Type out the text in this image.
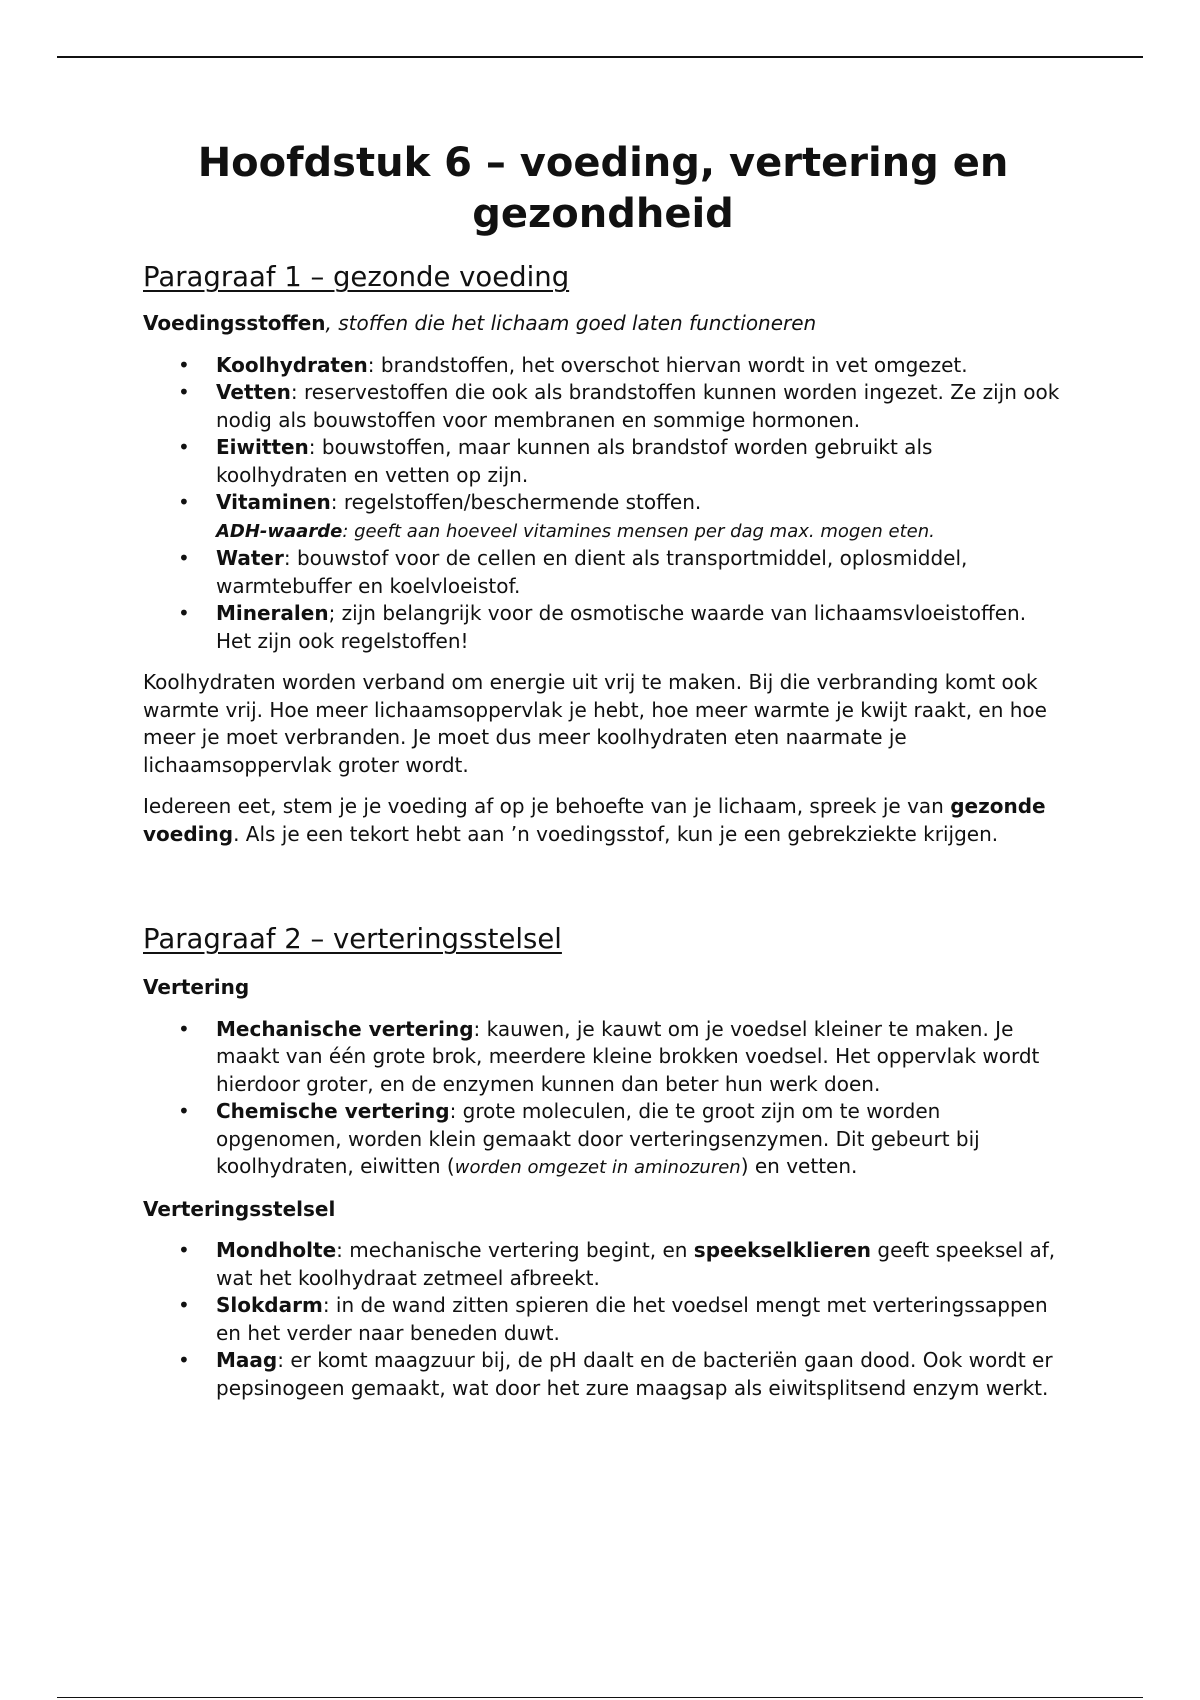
Hoofdstuk 6 – voeding, vertering en gezondheid
Paragraaf 1 – gezonde voeding

Voedingsstoffen, stoffen die het lichaam goed laten functioneren

• Koolhydraten: brandstoffen, het overschot hiervan wordt in vet omgezet.
• Vetten: reservestoffen die ook als brandstoffen kunnen worden ingezet. Ze zijn ook nodig als bouwstoffen voor membranen en sommige hormonen.
• Eiwitten: bouwstoffen, maar kunnen als brandstof worden gebruikt als koolhydraten en vetten op zijn.
• Vitaminen: regelstoffen/beschermende stoffen.
ADH-waarde: geeft aan hoeveel vitamines mensen per dag max. mogen eten.
• Water: bouwstof voor de cellen en dient als transportmiddel, oplosmiddel, warmtebuffer en koelvloeistof.
• Mineralen; zijn belangrijk voor de osmotische waarde van lichaamsvloeistoffen. Het zijn ook regelstoffen!

Koolhydraten worden verband om energie uit vrij te maken. Bij die verbranding komt ook warmte vrij. Hoe meer lichaamsoppervlak je hebt, hoe meer warmte je kwijt raakt, en hoe meer je moet verbranden. Je moet dus meer koolhydraten eten naarmate je lichaamsoppervlak groter wordt.

Iedereen eet, stem je je voeding af op je behoefte van je lichaam, spreek je van gezonde voeding. Als je een tekort hebt aan ’n voedingsstof, kun je een gebrekziekte krijgen.

Paragraaf 2 – verteringsstelsel

Vertering

• Mechanische vertering: kauwen, je kauwt om je voedsel kleiner te maken. Je maakt van één grote brok, meerdere kleine brokken voedsel. Het oppervlak wordt hierdoor groter, en de enzymen kunnen dan beter hun werk doen.
• Chemische vertering: grote moleculen, die te groot zijn om te worden opgenomen, worden klein gemaakt door verteringsenzymen. Dit gebeurt bij koolhydraten, eiwitten (worden omgezet in aminozuren) en vetten.

Verteringsstelsel

• Mondholte: mechanische vertering begint, en speekselklieren geeft speeksel af, wat het koolhydraat zetmeel afbreekt.
• Slokdarm: in de wand zitten spieren die het voedsel mengt met verteringssappen en het verder naar beneden duwt.
• Maag: er komt maagzuur bij, de pH daalt en de bacteriën gaan dood. Ook wordt er pepsinogeen gemaakt, wat door het zure maagsap als eiwitsplitsend enzym werkt.
